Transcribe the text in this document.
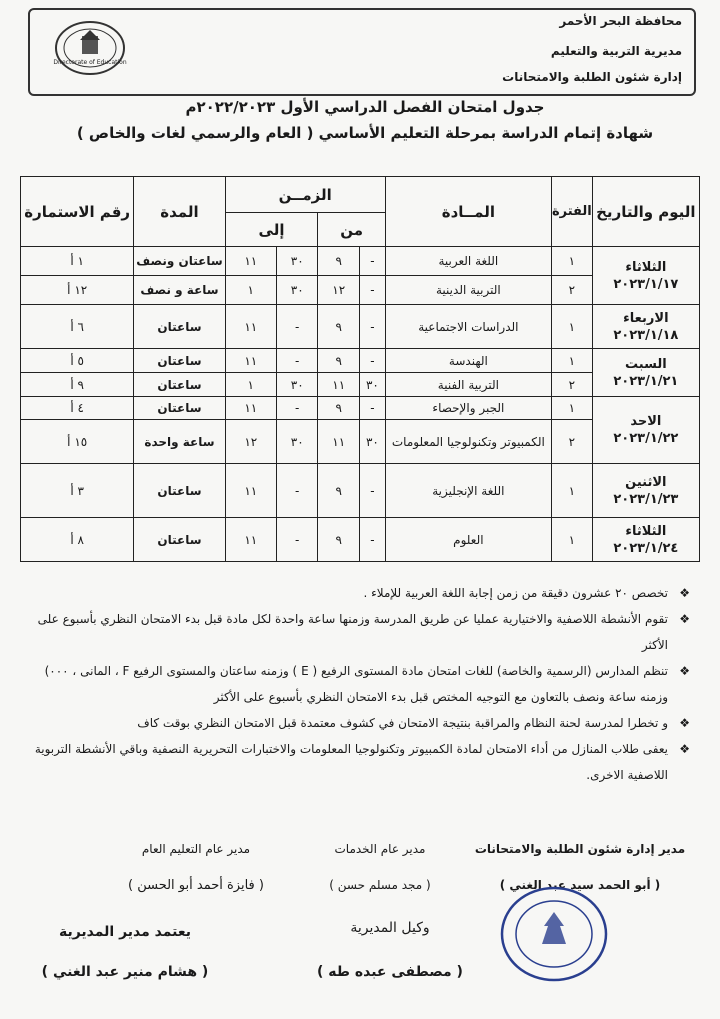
Directorate of Education
محافظة البحر الأحمر
مديرية التربية والتعليم
إدارة شئون الطلبة والامتحانات
جدول امتحان الفصل الدراسي الأول ٢٠٢٢/٢٠٢٣م
شهادة إتمام الدراسة بمرحلة التعليم الأساسي ( العام والرسمي لغات والخاص )
اليوم والتاريخ	الفترة	المــادة	الزمــن				المدة	رقم الاستمارة
			من		إلى			

الثلاثاء
٢٠٢٣/١/١٧	١	اللغة العربية	-	٩	٣٠	١١	ساعتان ونصف	١ أ
	٢	التربية الدينية	-	١٢	٣٠	١	ساعة و نصف	١٢ أ

الاربعاء
٢٠٢٣/١/١٨	١	الدراسات الاجتماعية	-	٩	-	١١	ساعتان	٦ أ

السبت
٢٠٢٣/١/٢١	١	الهندسة	-	٩	-	١١	ساعتان	٥ أ
	٢	التربية الفنية	٣٠	١١	٣٠	١	ساعتان	٩ أ

الاحد
٢٠٢٣/١/٢٢	١	الجبر والإحصاء	-	٩	-	١١	ساعتان	٤ أ
	٢	الكمبيوتر وتكنولوجيا المعلومات	٣٠	١١	٣٠	١٢	ساعة واحدة	١٥ أ

الاثنين
٢٠٢٣/١/٢٣	١	اللغة الإنجليزية	-	٩	-	١١	ساعتان	٣ أ

الثلاثاء
٢٠٢٣/١/٢٤	١	العلوم	-	٩	-	١١	ساعتان	٨ أ
❖
تخصص ٢٠ عشرون دقيقة من زمن إجابة اللغة العربية للإملاء .
❖
تقوم الأنشطة اللاصفية والاختيارية عمليا عن طريق المدرسة وزمنها ساعة واحدة لكل مادة قبل بدء الامتحان النظري بأسبوع على الأكثر
❖
تنظم المدارس (الرسمية والخاصة) للغات امتحان مادة المستوى الرفيع ( E ) وزمنه ساعتان والمستوى الرفيع F ، المانى ، ٠٠٠) وزمنه ساعة ونصف بالتعاون مع التوجيه المختص قبل بدء الامتحان النظري بأسبوع على الأكثر
❖
و تخطرا لمدرسة لحنة النظام والمراقبة بنتيجة الامتحان في كشوف معتمدة قبل الامتحان النظري بوقت كاف
❖
يعفى طلاب المنازل من أداء الامتحان لمادة الكمبيوتر وتكنولوجيا المعلومات والاختبارات التحريرية النصفية وباقي الأنشطة التربوية اللاصفية الاخرى.
مدير إدارة شئون الطلبة والامتحانات
( أبو الحمد سيد عبد الغني )
مدير عام الخدمات
( مجد مسلم حسن )
مدير عام التعليم العام
( فايزة أحمد أبو الحسن )
وكيل المديرية
( مصطفى عبده طه )
يعتمد مدير المديرية
( هشام منير عبد الغني )
